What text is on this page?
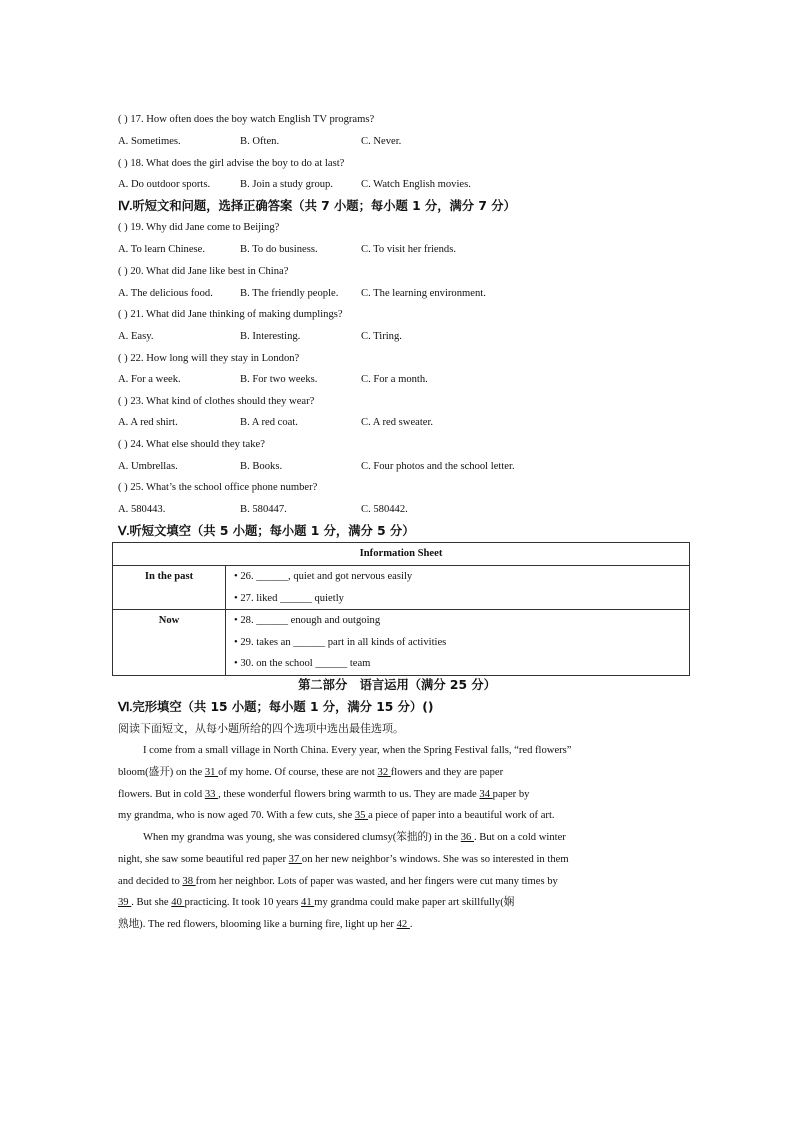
( ) 17. How often does the boy watch English TV programs?
A. Sometimes.	B. Often.	C. Never.
( ) 18. What does the girl advise the boy to do at last?
A. Do outdoor sports.	B. Join a study group.	C. Watch English movies.
Ⅳ.听短文和问题，选择正确答案（共 7 小题；每小题 1 分，满分 7 分）
( ) 19. Why did Jane come to Beijing?
A. To learn Chinese.	B. To do business.	C. To visit her friends.
( ) 20. What did Jane like best in China?
A. The delicious food.	B. The friendly people. C. The learning environment.
( ) 21. What did Jane thinking of making dumplings?
A. Easy.	B. Interesting.	C. Tiring.
( ) 22. How long will they stay in London?
A. For a week.	B. For two weeks.	C. For a month.
( ) 23. What kind of clothes should they wear?
A. A red shirt.	B. A red coat.	C. A red sweater.
( ) 24. What else should they take?
A. Umbrellas.	B. Books.	C. Four photos and the school letter.
( ) 25. What’s the school office phone number?
A. 580443.	B. 580447.	C. 580442.
Ⅴ.听短文填空（共 5 小题；每小题 1 分，满分 5 分）
Information Sheet	
In the past	• 26. ______, quiet and got nervous easily
• 27. liked ______ quietly

Now	• 28. ______ enough and outgoing
• 29. takes an ______ part in all kinds of activities
• 30. on the school ______ team
第二部分　语言运用（满分 25 分）
Ⅵ.完形填空（共 15 小题；每小题 1 分，满分 15 分）()
阅读下面短文，从每小题所给的四个选项中选出最佳选项。
I come from a small village in North China. Every year, when the Spring Festival falls, “red flowers”
bloom(盛开) on the 31 of my home. Of course, these are not 32 flowers and they are paper
flowers. But in cold 33 , these wonderful flowers bring warmth to us. They are made 34 paper by
my grandma, who is now aged 70. With a few cuts, she 35 a piece of paper into a beautiful work of art.
When my grandma was young, she was considered clumsy(笨拙的) in the 36 . But on a cold winter
night, she saw some beautiful red paper 37 on her new neighbor’s windows. She was so interested in them
and decided to 38 from her neighbor. Lots of paper was wasted, and her fingers were cut many times by
39 . But she 40 practicing. It took 10 years 41 my grandma could make paper art skillfully(娴
熟地). The red flowers, blooming like a burning fire, light up her 42 .
